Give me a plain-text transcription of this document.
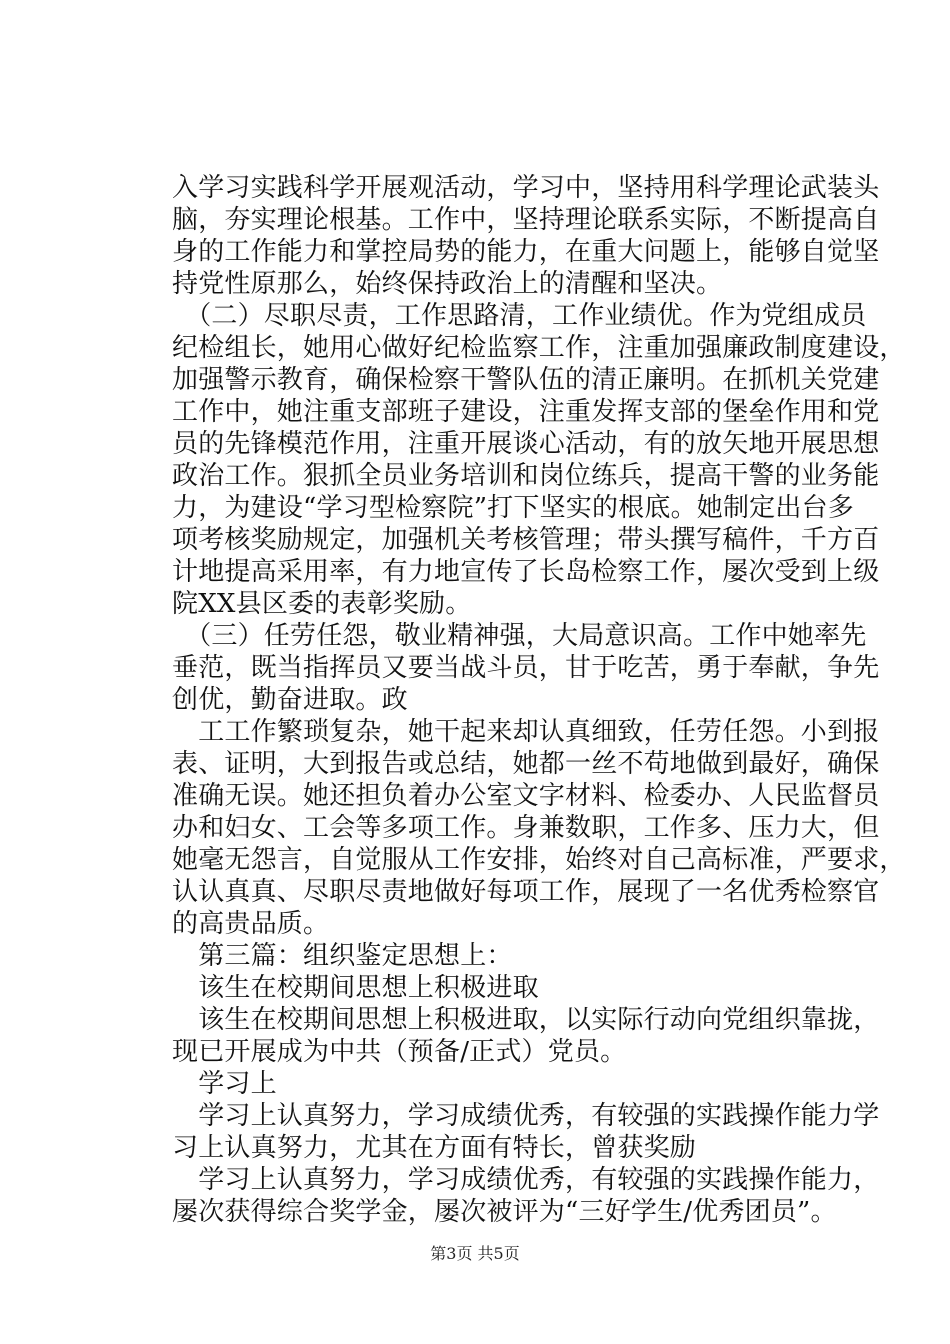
入学习实践科学开展观活动，学习中，坚持用科学理论武装头
脑，夯实理论根基。工作中，坚持理论联系实际，不断提高自
身的工作能力和掌控局势的能力，在重大问题上，能够自觉坚
持党性原那么，始终保持政治上的清醒和坚决。
　（二）尽职尽责，工作思路清，工作业绩优。作为党组成员
纪检组长，她用心做好纪检监察工作，注重加强廉政制度建设，
加强警示教育，确保检察干警队伍的清正廉明。在抓机关党建
工作中，她注重支部班子建设，注重发挥支部的堡垒作用和党
员的先锋模范作用，注重开展谈心活动，有的放矢地开展思想
政治工作。狠抓全员业务培训和岗位练兵，提高干警的业务能
力，为建设“学习型检察院”打下坚实的根底。她制定出台多
项考核奖励规定，加强机关考核管理；带头撰写稿件，千方百
计地提高采用率，有力地宣传了长岛检察工作，屡次受到上级
院XX县区委的表彰奖励。
　（三）任劳任怨，敬业精神强，大局意识高。工作中她率先
垂范，既当指挥员又要当战斗员，甘于吃苦，勇于奉献，争先
创优，勤奋进取。政
　工工作繁琐复杂，她干起来却认真细致，任劳任怨。小到报
表、证明，大到报告或总结，她都一丝不苟地做到最好，确保
准确无误。她还担负着办公室文字材料、检委办、人民监督员
办和妇女、工会等多项工作。身兼数职，工作多、压力大，但
她毫无怨言，自觉服从工作安排，始终对自己高标准，严要求，
认认真真、尽职尽责地做好每项工作，展现了一名优秀检察官
的高贵品质。
　第三篇：组织鉴定思想上：
　该生在校期间思想上积极进取
　该生在校期间思想上积极进取，以实际行动向党组织靠拢，
现已开展成为中共（预备/正式）党员。
　学习上
　学习上认真努力，学习成绩优秀，有较强的实践操作能力学
习上认真努力，尤其在方面有特长，曾获奖励
　学习上认真努力，学习成绩优秀，有较强的实践操作能力，
屡次获得综合奖学金，屡次被评为“三好学生/优秀团员”。
第3页 共5页
